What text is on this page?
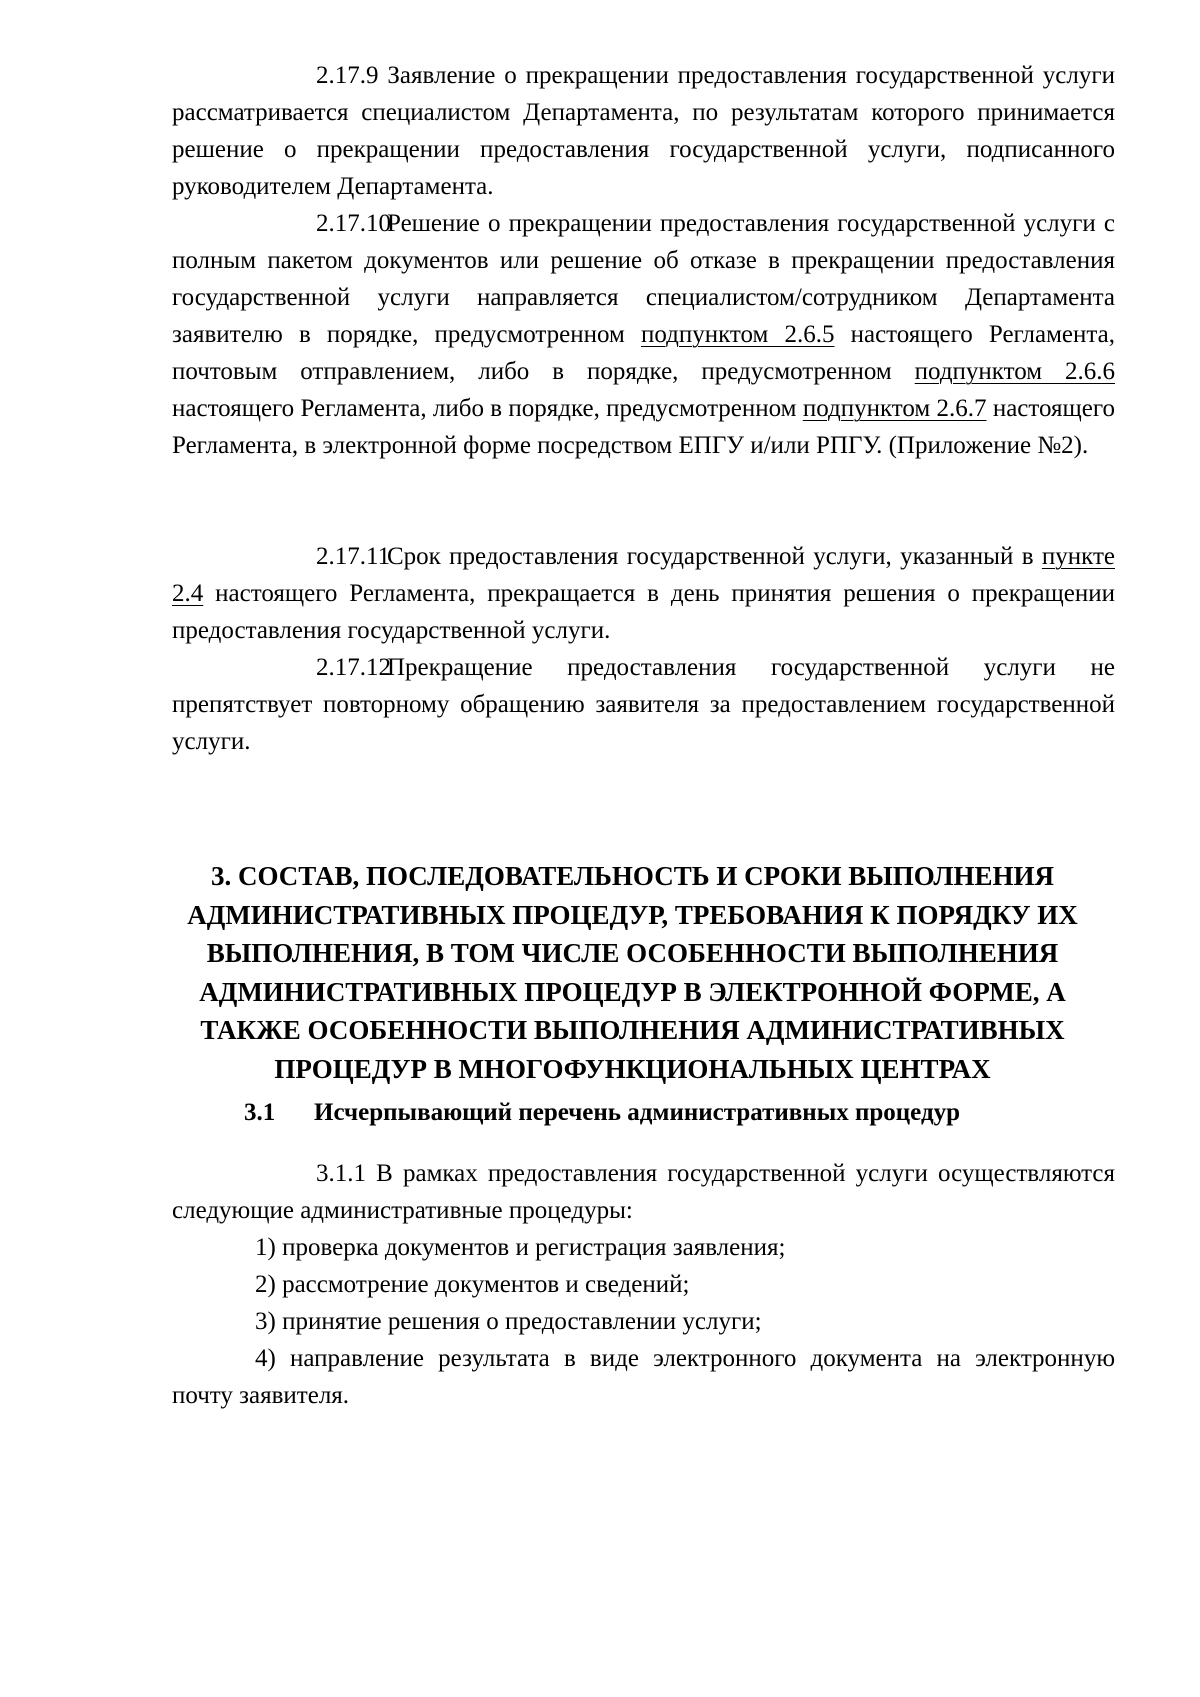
2.17.9 Заявление о прекращении предоставления государственной услуги рассматривается специалистом Департамента, по результатам которого принимается решение о прекращении предоставления государственной услуги, подписанного руководителем Департамента.

2.17.10Решение о прекращении предоставления государственной услуги с полным пакетом документов или решение об отказе в прекращении предоставления государственной услуги направляется специалистом/сотрудником Департамента заявителю в порядке, предусмотренном подпунктом 2.6.5 настоящего Регламента, почтовым отправлением, либо в порядке, предусмотренном подпунктом 2.6.6 настоящего Регламента, либо в порядке, предусмотренном подпунктом 2.6.7 настоящего Регламента, в электронной форме посредством ЕПГУ и/или РПГУ. (Приложение №2).

2.17.11Срок предоставления государственной услуги, указанный в пункте 2.4 настоящего Регламента, прекращается в день принятия решения о прекращении предоставления государственной услуги.

2.17.12Прекращение предоставления государственной услуги не препятствует повторному обращению заявителя за предоставлением государственной услуги.

3. СОСТАВ, ПОСЛЕДОВАТЕЛЬНОСТЬ И СРОКИ ВЫПОЛНЕНИЯ АДМИНИСТРАТИВНЫХ ПРОЦЕДУР, ТРЕБОВАНИЯ К ПОРЯДКУ ИХ ВЫПОЛНЕНИЯ, В ТОМ ЧИСЛЕ ОСОБЕННОСТИ ВЫПОЛНЕНИЯ АДМИНИСТРАТИВНЫХ ПРОЦЕДУР В ЭЛЕКТРОННОЙ ФОРМЕ, А ТАКЖЕ ОСОБЕННОСТИ ВЫПОЛНЕНИЯ АДМИНИСТРАТИВНЫХ ПРОЦЕДУР В МНОГОФУНКЦИОНАЛЬНЫХ ЦЕНТРАХ
3.1 Исчерпывающий перечень административных процедур

3.1.1 В рамках предоставления государственной услуги осуществляются следующие административные процедуры:

1) проверка документов и регистрация заявления;

2) рассмотрение документов и сведений;

3) принятие решения о предоставлении услуги;

4) направление результата в виде электронного документа на электронную почту заявителя.
